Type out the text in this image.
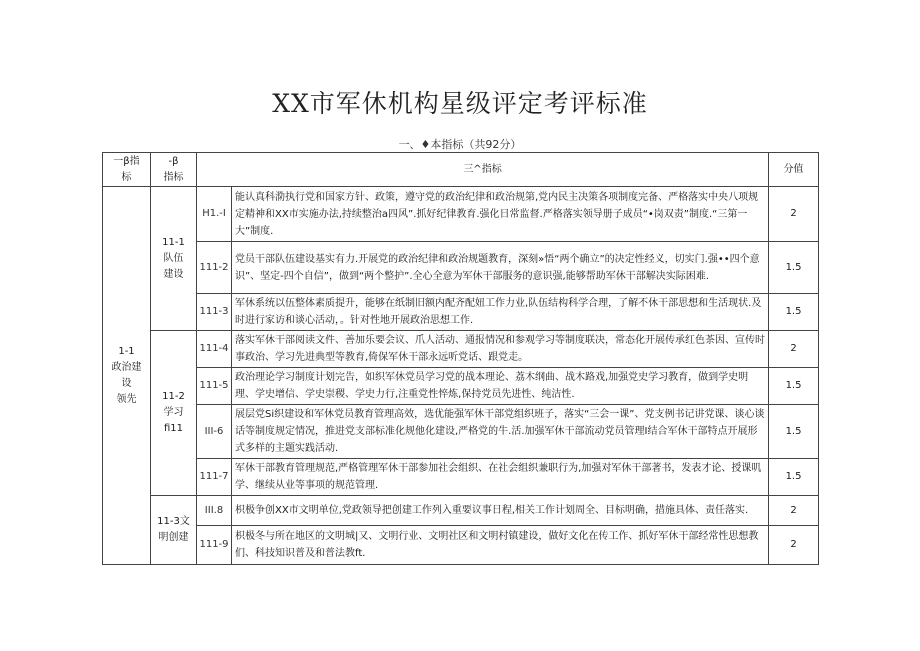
XX市军休机构星级评定考评标准
一、♦本指标（共92分）
一β指
标	-β
指标	三^指标		分值

1-1
政治建
设
领先	11-1
队伍
建设	H1.-I	能认真科泐执行党和国家方针、政策，遵守党的政治纪律和政治规第,党内民主决策各项制度完备、严格落实中央八项规定精神和XX市实施办法,持续整治a四风”.抓好纪律教育.强化日常监督.严格落实领导册子成员“•岗双责”制度.“三第一大”制度.	2
		111-2	党员干部队伍建设基实有力.开展党的政治纪律和政治规题教育，深刻»悟“两个确立”的决定性经义，切实门.强••四个意识”、坚定-四个自信”，做到“两个整护”.全心全意为军休干部服务的意识强,能够帮助军休干部解决实际困难.	1.5
		111-3	军休系统以伍整体素质提升，能够在纸制旧额内配齐配妞工作力业,队伍结构科学合理，了解不休干部思想和生活现状.及时进行家访和谈心活动，。针对性地开展政治思想工作.	1.5

	11-2
学习
fi11	111-4	落实军休干部阅读文件、善加乐要会议、爪人活动、通报情况和参观学习等制度联决，常态化开展传承红色茶因、宣传时事政治、学习先进典型等教育,倚保军休干部永远听党话、跟党走。	2
		111-5	政治理论学习制度计划完告，如织军休党员学习党的战本理论、荔木纲曲、战木路戏,加强党史学习教育，做到学史明理、学史增信、学史崇稷、学史力行,注重党性悴炼,保持党员先进性、纯洁性.	1.5
		III-6	展层党Si织建设和军休党员教育管理高效，选优能强军休干部党组织班子，落实“三会一课”、党支例书记讲党课、谈心谈话等制度规定情况，推进党支部标准化规他化建设,严格党的牛.活.加强军休干部流动党员管理I结合军休干部特点开展形式多样的主题实践活动.	1.5
		111-7	军休干部教育管理规范,严格管理军休干部参加社会组织、在社会组织兼职行为,加强对军休干部著书，发表才论、授课叽学、继续从业等事项的规范管理.	1.5

	11-3文
明创建	III.8	枳极争创XX市文明单位,党政领导把创建工作列入重要议事日程,相关工作计划周全、目标明确，措施具体、责任落实.	2
		111-9	枳极冬与所在地区的文明城|又、文明行业、文明社区和文明村镇建设，做好文化在传工作、抓好军休干部经常性思想教们、科技知识普及和普法教ft.	2
